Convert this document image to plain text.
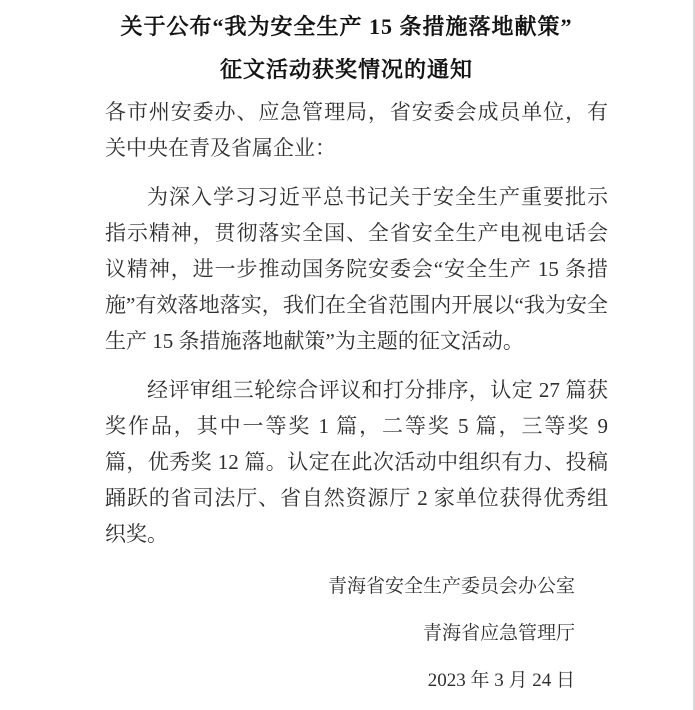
关于公布“我为安全生产 15 条措施落地献策”
征文活动获奖情况的通知

各市州安委办、应急管理局，省安委会成员单位，有关中央在青及省属企业：

为深入学习习近平总书记关于安全生产重要批示指示精神，贯彻落实全国、全省安全生产电视电话会议精神，进一步推动国务院安委会“安全生产 15 条措施”有效落地落实，我们在全省范围内开展以“我为安全生产 15 条措施落地献策”为主题的征文活动。

经评审组三轮综合评议和打分排序，认定 27 篇获奖作品，其中一等奖 1 篇，二等奖 5 篇，三等奖 9 篇，优秀奖 12 篇。认定在此次活动中组织有力、投稿踊跃的省司法厅、省自然资源厅 2 家单位获得优秀组织奖。

青海省安全生产委员会办公室

青海省应急管理厅

2023 年 3 月 24 日
